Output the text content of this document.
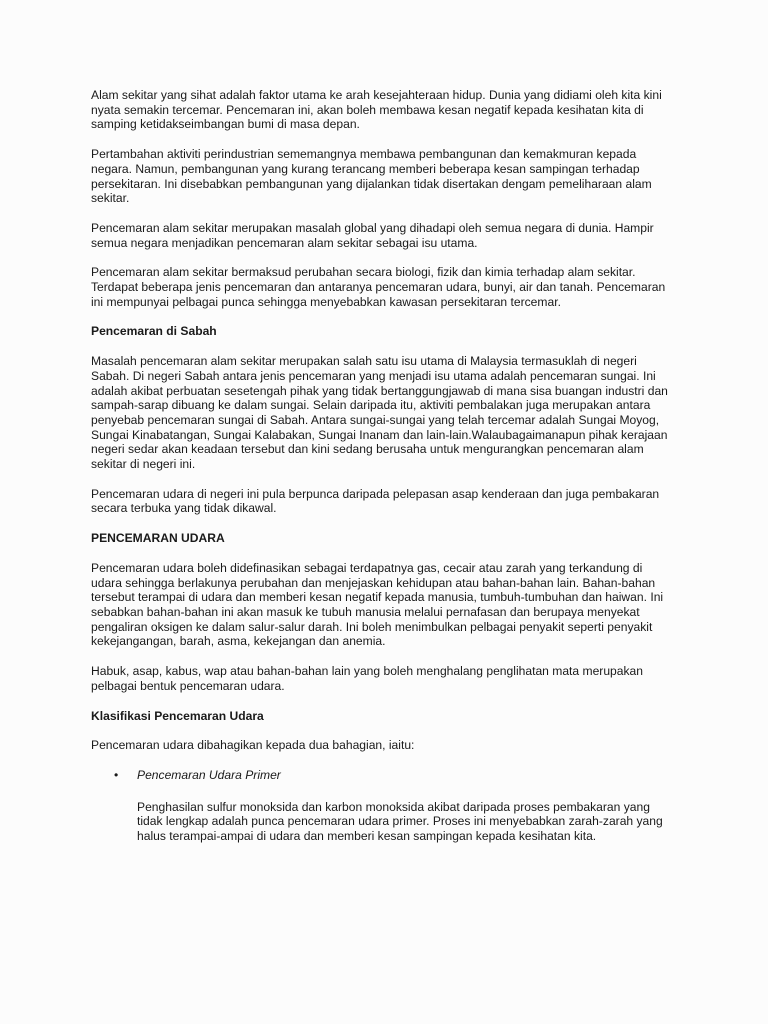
Alam sekitar yang sihat adalah faktor utama ke arah kesejahteraan hidup. Dunia yang didiami oleh kita kini nyata semakin tercemar. Pencemaran ini, akan boleh membawa kesan negatif kepada kesihatan kita di samping ketidakseimbangan bumi di masa depan.

Pertambahan aktiviti perindustrian sememangnya membawa pembangunan dan kemakmuran kepada negara. Namun, pembangunan yang kurang terancang memberi beberapa kesan sampingan terhadap persekitaran. Ini disebabkan pembangunan yang dijalankan tidak disertakan dengam pemeliharaan alam sekitar.

Pencemaran alam sekitar merupakan masalah global yang dihadapi oleh semua negara di dunia. Hampir semua negara menjadikan pencemaran alam sekitar sebagai isu utama.

Pencemaran alam sekitar bermaksud perubahan secara biologi, fizik dan kimia terhadap alam sekitar. Terdapat beberapa jenis pencemaran dan antaranya pencemaran udara, bunyi, air dan tanah. Pencemaran ini mempunyai pelbagai punca sehingga menyebabkan kawasan persekitaran tercemar.

Pencemaran di Sabah

Masalah pencemaran alam sekitar merupakan salah satu isu utama di Malaysia termasuklah di negeri Sabah. Di negeri Sabah antara jenis pencemaran yang menjadi isu utama adalah pencemaran sungai. Ini adalah akibat perbuatan sesetengah pihak yang tidak bertanggungjawab di mana sisa buangan industri dan sampah-sarap dibuang ke dalam sungai. Selain daripada itu, aktiviti pembalakan juga merupakan antara penyebab pencemaran sungai di Sabah. Antara sungai-sungai yang telah tercemar adalah Sungai Moyog, Sungai Kinabatangan, Sungai Kalabakan, Sungai Inanam dan lain-lain.Walaubagaimanapun pihak kerajaan negeri sedar akan keadaan tersebut dan kini sedang berusaha untuk mengurangkan pencemaran alam sekitar di negeri ini.

Pencemaran udara di negeri ini pula berpunca daripada pelepasan asap kenderaan dan juga pembakaran secara terbuka yang tidak dikawal.

PENCEMARAN UDARA

Pencemaran udara boleh didefinasikan sebagai terdapatnya gas, cecair atau zarah yang terkandung di udara sehingga berlakunya perubahan dan menjejaskan kehidupan atau bahan-bahan lain. Bahan-bahan tersebut terampai di udara dan memberi kesan negatif kepada manusia, tumbuh-tumbuhan dan haiwan. Ini sebabkan bahan-bahan ini akan masuk ke tubuh manusia melalui pernafasan dan berupaya menyekat pengaliran oksigen ke dalam salur-salur darah. Ini boleh menimbulkan pelbagai penyakit seperti penyakit kekejangangan, barah, asma, kekejangan dan anemia.

Habuk, asap, kabus, wap atau bahan-bahan lain yang boleh menghalang penglihatan mata merupakan pelbagai bentuk pencemaran udara.

Klasifikasi Pencemaran Udara

Pencemaran udara dibahagikan kepada dua bahagian, iaitu:

• Pencemaran Udara Primer

Penghasilan sulfur monoksida dan karbon monoksida akibat daripada proses pembakaran yang tidak lengkap adalah punca pencemaran udara primer. Proses ini menyebabkan zarah-zarah yang halus terampai-ampai di udara dan memberi kesan sampingan kepada kesihatan kita.
